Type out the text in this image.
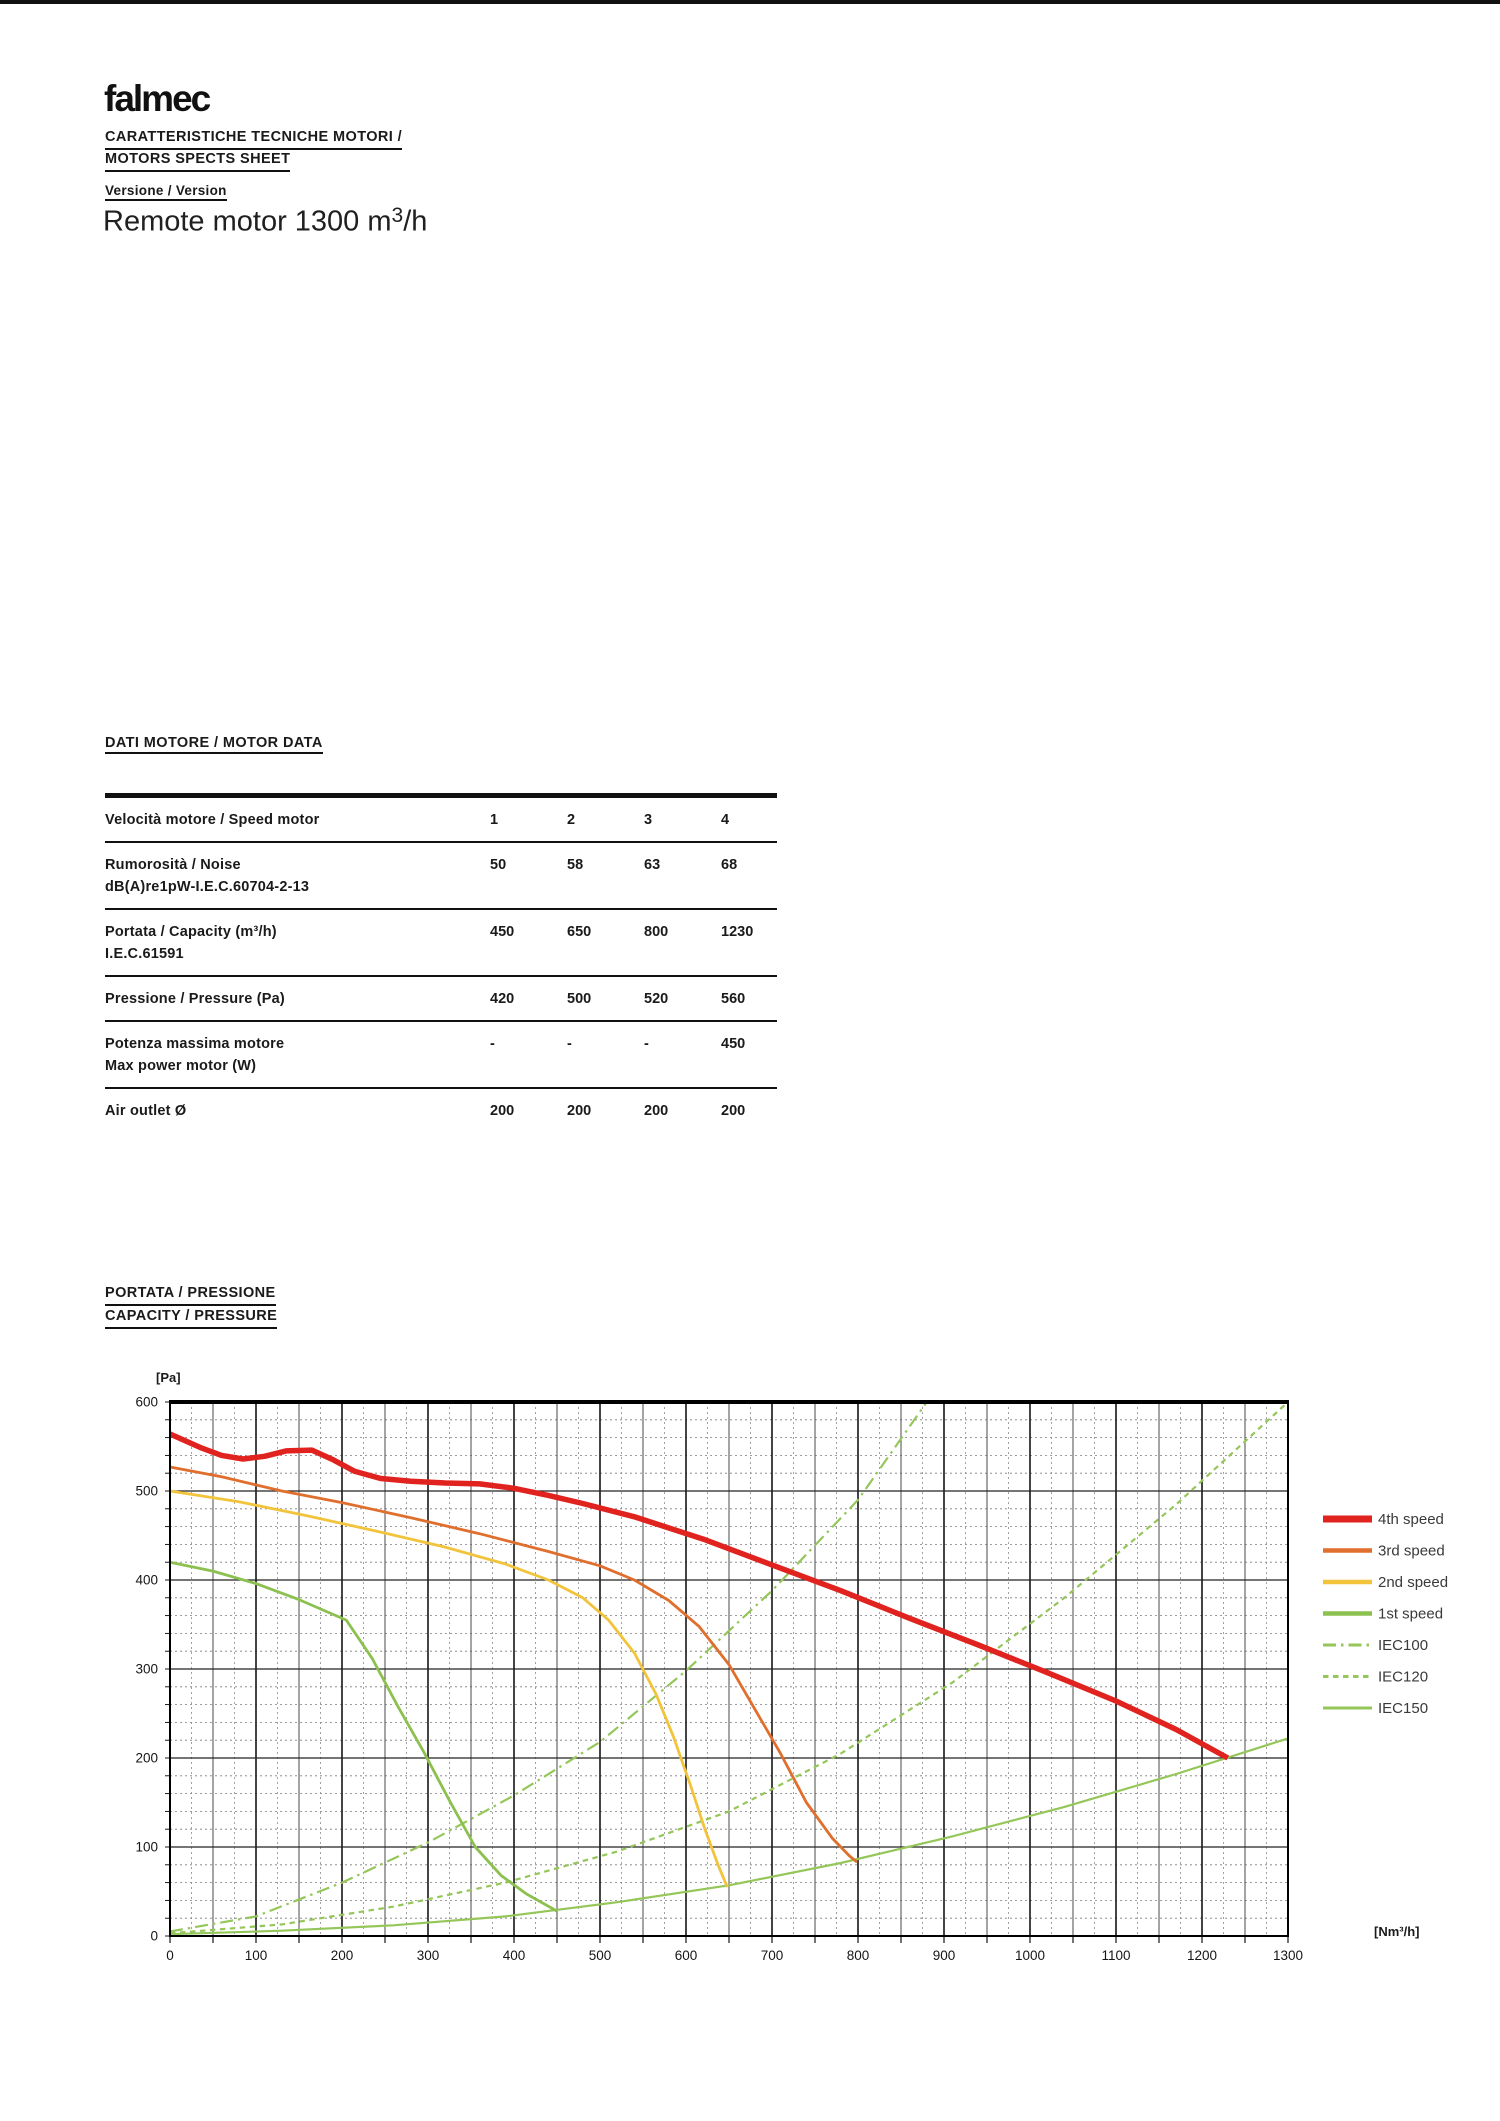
falmec
CARATTERISTICHE TECNICHE MOTORI /
MOTORS SPECTS SHEET
Versione / Version
Remote motor 1300 $m^3/h$
DATI MOTORE / MOTOR DATA
Velocità motore / Speed motor	1	2	3	4
Rumorosità / Noise
dB(A)re1pW-I.E.C.60704-2-13
50	58	63	68
Portata / Capacity (m³/h)
I.E.C.61591
450	650	800	1230
Pressione / Pressure (Pa)	420	500	520	560
Potenza massima motore
Max power motor (W)
-	-	-	450
Air outlet Ø	200	200	200	200
PORTATA / PRESSIONE
CAPACITY / PRESSURE
0	100	200	300	400	500	600	700	800	900	1000	1100	1200	1300
0
100
200
300
400
500
600
[Pa]
[Nm³/h]
4th speed
3rd speed
2nd speed
1st speed
IEC100
IEC120
IEC150
